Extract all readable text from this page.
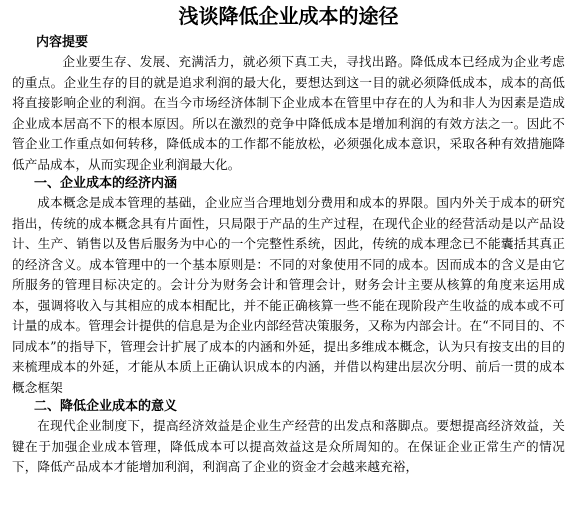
浅谈降低企业成本的途径
内容提要

企业要生存、发展、充满活力，就必须下真工夫，寻找出路。降低成本已经成为企业考虑的重点。企业生存的目的就是追求利润的最大化，要想达到这一目的就必须降低成本，成本的高低将直接影响企业的利润。在当今市场经济体制下企业成本在管里中存在的人为和非人为因素是造成企业成本居高不下的根本原因。所以在激烈的竞争中降低成本是增加利润的有效方法之一。因此不管企业工作重点如何转移，降低成本的工作都不能放松，必须强化成本意识，采取各种有效措施降低产品成本，从而实现企业利润最大化。

一、企业成本的经济内涵

成本概念是成本管理的基础，企业应当合理地划分费用和成本的界限。国内外关于成本的研究指出，传统的成本概念具有片面性，只局限于产品的生产过程，在现代企业的经营活动是以产品设计、生产、销售以及售后服务为中心的一个完整性系统，因此，传统的成本理念已不能囊括其真正的经济含义。成本管理中的一个基本原则是：不同的对象使用不同的成本。因而成本的含义是由它所服务的管理目标决定的。会计分为财务会计和管理会计，财务会计主要从核算的角度来运用成本，强调将收入与其相应的成本相配比，并不能正确核算一些不能在现阶段产生收益的成本或不可计量的成本。管理会计提供的信息是为企业内部经营决策服务，又称为内部会计。在“不同目的、不同成本”的指导下，管理会计扩展了成本的内涵和外延，提出多维成本概念，认为只有按支出的目的来梳理成本的外延，才能从本质上正确认识成本的内涵，并借以构建出层次分明、前后一贯的成本概念框架

二、降低企业成本的意义

在现代企业制度下，提高经济效益是企业生产经营的出发点和落脚点。要想提高经济效益，关键在于加强企业成本管理，降低成本可以提高效益这是众所周知的。在保证企业正常生产的情况下，降低产品成本才能增加利润，利润高了企业的资金才会越来越充裕，
